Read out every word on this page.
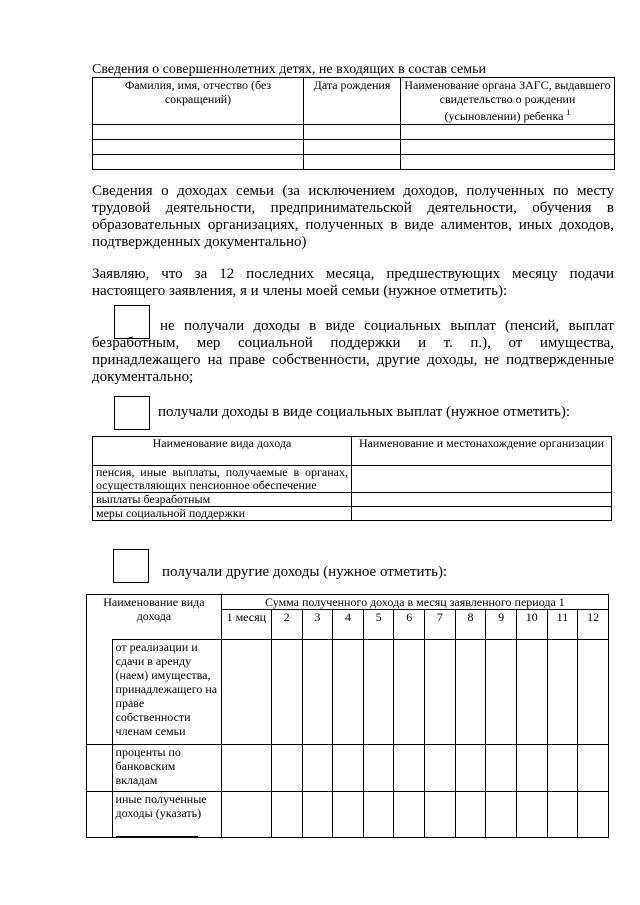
Сведения о совершеннолетних детях, не входящих в состав семьи
Фамилия, имя, отчество (без сокращений)	Дата рождения	Наименование органа ЗАГС, выдавшего свидетельство о рождении (усыновлении) ребенка $^1$

Сведения о доходах семьи (за исключением доходов, полученных по месту трудовой деятельности, предпринимательской деятельности, обучения в образовательных организациях, полученных в виде алиментов, иных доходов, подтвержденных документально)
Заявляю, что за 12 последних месяца, предшествующих месяцу подачи настоящего заявления, я и члены моей семьи (нужное отметить):
не получали доходы в виде социальных выплат (пенсий, выплат безработным, мер социальной поддержки и т. п.), от имущества, принадлежащего на праве собственности, другие доходы, не подтвержденные документально;
получали доходы в виде социальных выплат (нужное отметить):
Наименование вида дохода	Наименование и местонахождение организации
пенсия, иные выплаты, получаемые в органах, осуществляющих пенсионное обеспечение	
выплаты безработным	
меры социальной поддержки	
получали другие доходы (нужное отметить):
Наименование вида дохода		Сумма полученного дохода в месяц заявленного периода 1											
		1 месяц	2	3	4	5	6	7	8	9	10	11	12
	от реализации и сдачи в аренду (наем) имущества, принадлежащего на праве собственности членам семьи												
	проценты по банковским вкладам												
	иные полученные доходы (указать)
